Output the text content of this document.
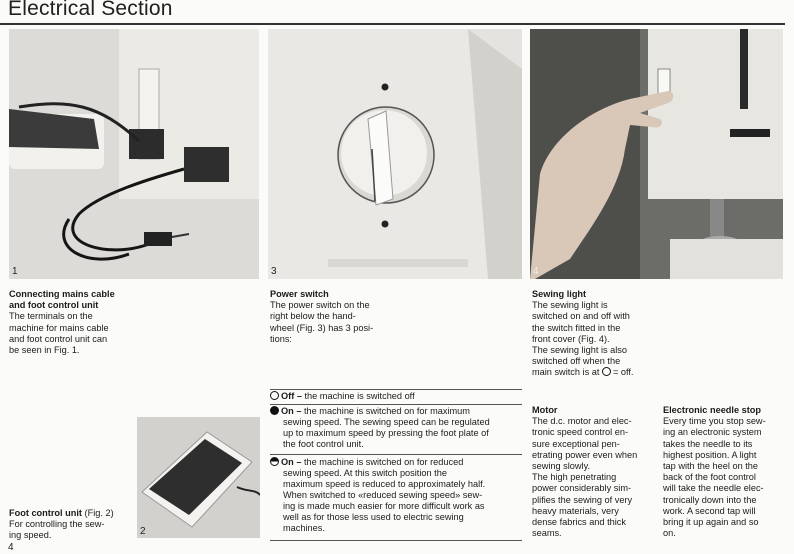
Electrical Section
1	3	4
2
Connecting mains cable
and foot control unit
The terminals on the
machine for mains cable
and foot control unit can
be seen in Fig. 1.
Power switch
The power switch on the
right below the hand-
wheel (Fig. 3) has 3 posi-
tions:
Sewing light
The sewing light is
switched on and off with
the switch fitted in the
front cover (Fig. 4).
The sewing light is also
switched off when the
main switch is at = off.
Off – the machine is switched off
On – the machine is switched on for maximum
sewing speed. The sewing speed can be regulated
up to maximum speed by pressing the foot plate of
the foot control unit.
On – the machine is switched on for reduced
sewing speed. At this switch position the
maximum speed is reduced to approximately half.
When switched to «reduced sewing speed» sew-
ing is made much easier for more difficult work as
well as for those less used to electric sewing
machines.
Motor
The d.c. motor and elec-
tronic speed control en-
sure exceptional pen-
etrating power even when
sewing slowly.
The high penetrating
power considerably sim-
plifies the sewing of very
heavy materials, very
dense fabrics and thick
seams.
Electronic needle stop
Every time you stop sew-
ing an electronic system
takes the needle to its
highest position. A light
tap with the heel on the
back of the foot control
will take the needle elec-
tronically down into the
work. A second tap will
bring it up again and so
on.
Foot control unit (Fig. 2)
For controlling the sew-
ing speed.
4
